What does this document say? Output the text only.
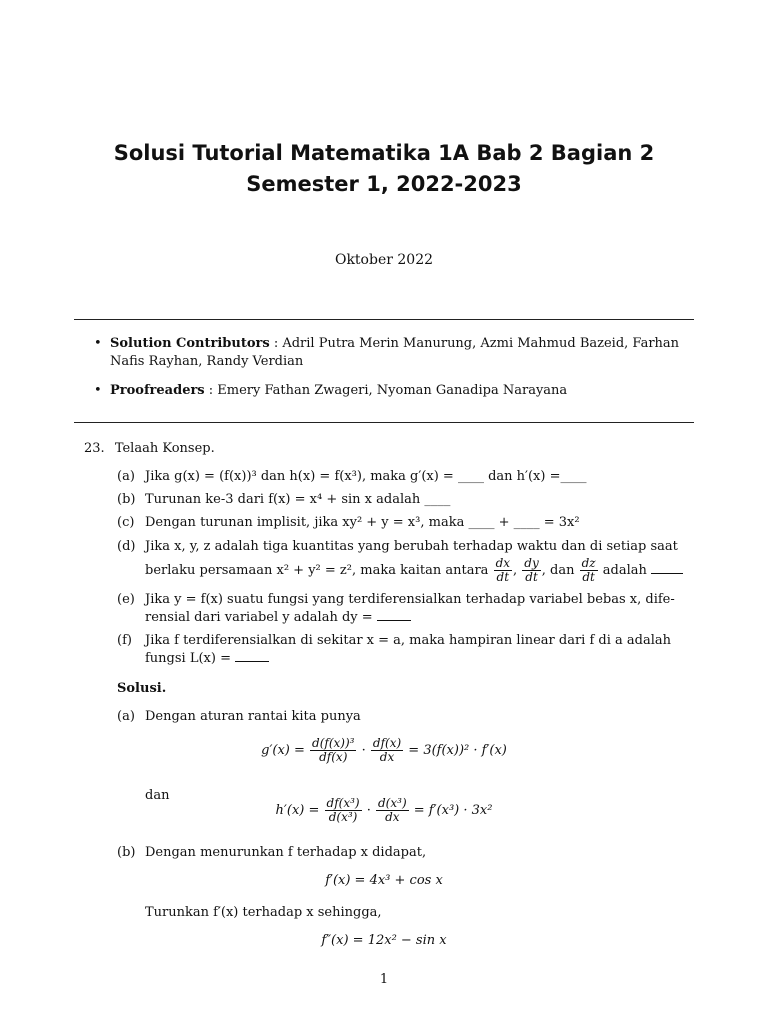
Solusi Tutorial Matematika 1A Bab 2 Bagian 2
Semester 1, 2022-2023
Oktober 2022
• Solution Contributors : Adril Putra Merin Manurung, Azmi Mahmud Bazeid, Farhan Nafis Rayhan, Randy Verdian
• Proofreaders : Emery Fathan Zwageri, Nyoman Ganadipa Narayana
23. Telaah Konsep.
(a) Jika g(x) = (f(x))³ dan h(x) = f(x³), maka g′(x) = ____ dan h′(x) =____
(b) Turunan ke-3 dari f(x) = x⁴ + sin x adalah ____
(c) Dengan turunan implisit, jika xy² + y = x³, maka ____ + ____ = 3x²
(d) Jika x, y, z adalah tiga kuantitas yang berubah terhadap waktu dan di setiap saat
berlaku persamaan x² + y² = z², maka kaitan antara $\frac{dx}{dt}$ , $\frac{dy}{dt}$ , dan $\frac{dz}{dt}$ adalah
(e) Jika y = f(x) suatu fungsi yang terdiferensialkan terhadap variabel bebas x, dife-
rensial dari variabel y adalah dy =
(f) Jika f terdiferensialkan di sekitar x = a, maka hampiran linear dari f di a adalah
fungsi L(x) =
Solusi.
(a) Dengan aturan rantai kita punya
$g'(x) = \frac{\text{d(f(x))³}}{df(x)} \cdot \frac{df(x)}{dx} = 3(f(x))^2 \cdot f'(x)$
dan
$h'(x) = \frac{\text{df(x³)}}{\text{d(x³)}} \cdot \frac{\text{d(x³)}}{dx} = f'(x^3) \cdot 3x^2$
(b) Dengan menurunkan f terhadap x didapat,
f′(x) = 4x³ + cos x
Turunkan f′(x) terhadap x sehingga,
f″(x) = 12x² − sin x
1
